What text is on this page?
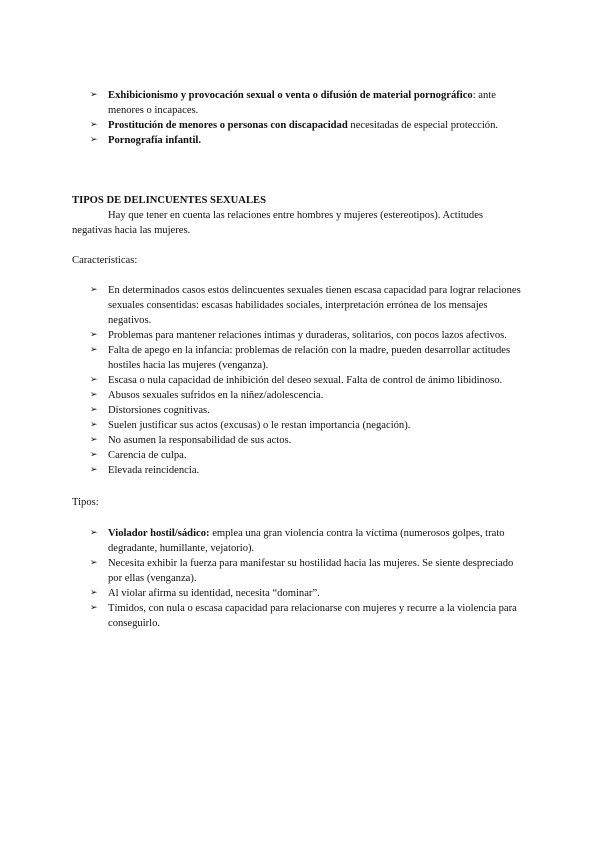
➢ Exhibicionismo y provocación sexual o venta o difusión de material pornográfico: ante menores o incapaces.
➢ Prostitución de menores o personas con discapacidad necesitadas de especial protección.
➢ Pornografía infantil.
TIPOS DE DELINCUENTES SEXUALES
Hay que tener en cuenta las relaciones entre hombres y mujeres (estereotipos). Actitudes negativas hacia las mujeres.
Características:
➢ En determinados casos estos delincuentes sexuales tienen escasa capacidad para lograr relaciones sexuales consentidas: escasas habilidades sociales, interpretación errónea de los mensajes negativos.
➢ Problemas para mantener relaciones íntimas y duraderas, solitarios, con pocos lazos afectivos.
➢ Falta de apego en la infancia: problemas de relación con la madre, pueden desarrollar actitudes hostiles hacia las mujeres (venganza).
➢ Escasa o nula capacidad de inhibición del deseo sexual. Falta de control de ánimo libidinoso.
➢ Abusos sexuales sufridos en la niñez/adolescencia.
➢ Distorsiones cognitivas.
➢ Suelen justificar sus actos (excusas) o le restan importancia (negación).
➢ No asumen la responsabilidad de sus actos.
➢ Carencia de culpa.
➢ Elevada reincidencia.
Tipos:
➢ Violador hostil/sádico: emplea una gran violencia contra la víctima (numerosos golpes, trato degradante, humillante, vejatorio).
➢ Necesita exhibir la fuerza para manifestar su hostilidad hacia las mujeres. Se siente despreciado por ellas (venganza).
➢ Al violar afirma su identidad, necesita “dominar”.
➢ Tímidos, con nula o escasa capacidad para relacionarse con mujeres y recurre a la violencia para conseguirlo.
